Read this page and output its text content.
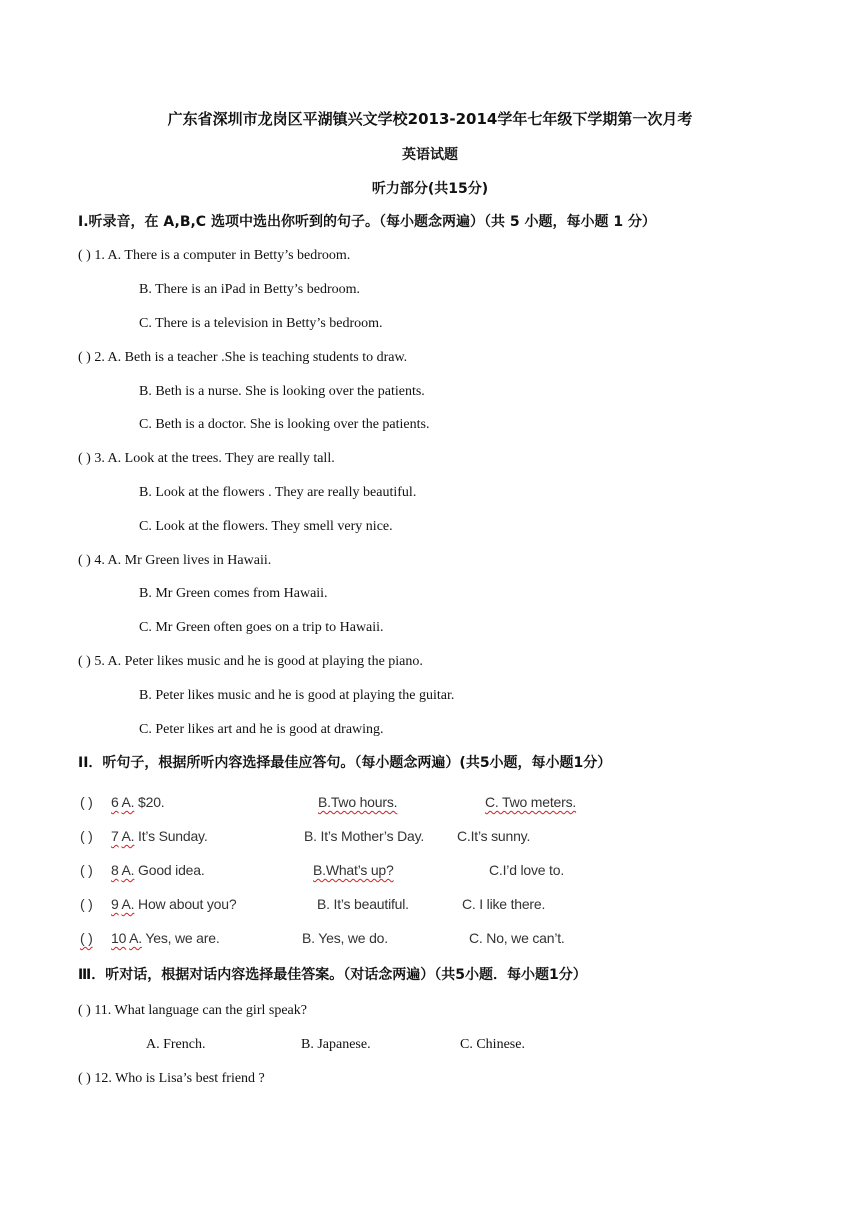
广东省深圳市龙岗区平湖镇兴文学校2013-2014学年七年级下学期第一次月考
英语试题
听力部分(共15分)
Ⅰ.听录音，在 A,B,C 选项中选出你听到的句子。（每小题念两遍）（共 5 小题，每小题 1 分）
( ) 1. A. There is a computer in Betty’s bedroom.
B. There is an iPad in Betty’s bedroom.
C. There is a television in Betty’s bedroom.
( ) 2. A. Beth is a teacher .She is teaching students to draw.
B. Beth is a nurse. She is looking over the patients.
C. Beth is a doctor. She is looking over the patients.
( ) 3. A. Look at the trees. They are really tall.
B. Look at the flowers . They are really beautiful.
C. Look at the flowers. They smell very nice.
( ) 4. A. Mr Green lives in Hawaii.
B. Mr Green comes from Hawaii.
C. Mr Green often goes on a trip to Hawaii.
( ) 5. A. Peter likes music and he is good at playing the piano.
B. Peter likes music and he is good at playing the guitar.
C. Peter likes art and he is good at drawing.
II．听句子，根据所听内容选择最佳应答句。（每小题念两遍）(共5小题，每小题1分）
( ) 6 A. $20.	B.Two hours.	C. Two meters.
( ) 7 A. It’s Sunday.	B. It’s Mother’s Day. C.It’s sunny.
( ) 8 A. Good idea.	B.What’s up?	C.I’d love to.
( ) 9 A. How about you?	B. It’s beautiful.	C. I like there.
( ) 10 A. Yes, we are.	B. Yes, we do.	C. No, we can’t.
Ⅲ．听对话，根据对话内容选择最佳答案。（对话念两遍）（共5小题．每小题1分）
( ) 11. What language can the girl speak?
A. French.	B. Japanese.	C. Chinese.
( ) 12. Who is Lisa’s best friend ?
